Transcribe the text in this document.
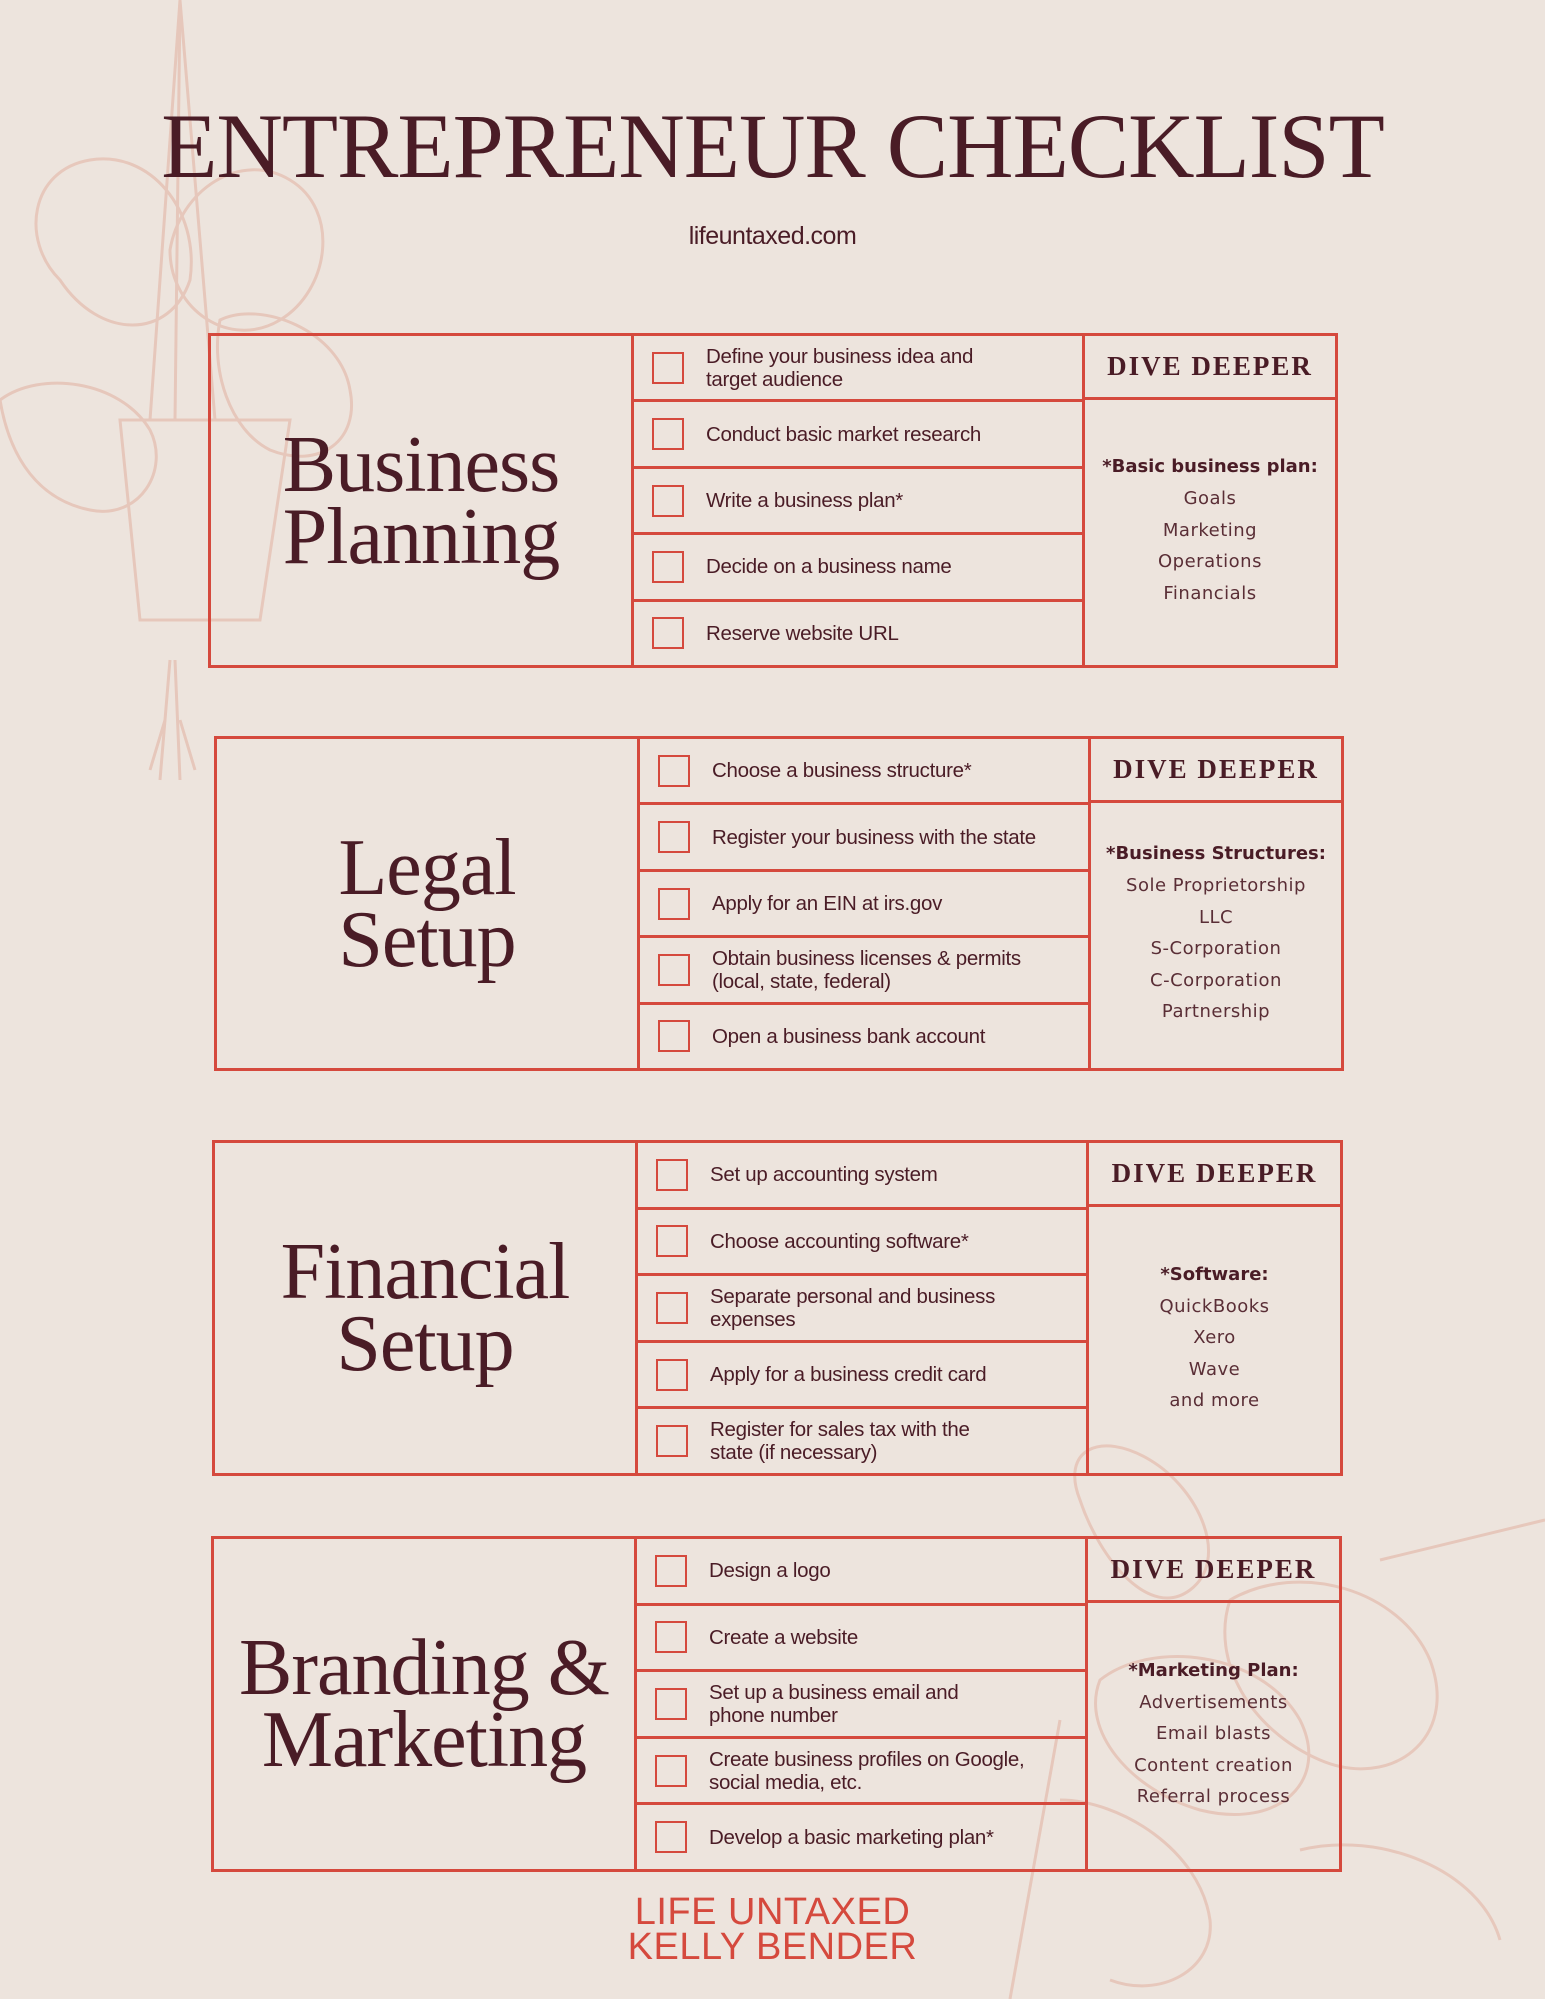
ENTREPRENEUR CHECKLIST
lifeuntaxed.com
Business
Planning
Define your business idea and
target audience
Conduct basic market research
Write a business plan*
Decide on a business name
Reserve website URL
DIVE DEEPER
*Basic business plan:
Goals
Marketing
Operations
Financials
Legal
Setup
Choose a business structure*
Register your business with the state
Apply for an EIN at irs.gov
Obtain business licenses & permits
(local, state, federal)
Open a business bank account
DIVE DEEPER
*Business Structures:
Sole Proprietorship
LLC
S-Corporation
C-Corporation
Partnership
Financial
Setup
Set up accounting system
Choose accounting software*
Separate personal and business
expenses
Apply for a business credit card
Register for sales tax with the
state (if necessary)
DIVE DEEPER
*Software:
QuickBooks
Xero
Wave
and more
Branding &
Marketing
Design a logo
Create a website
Set up a business email and
phone number
Create business profiles on Google,
social media, etc.
Develop a basic marketing plan*
DIVE DEEPER
*Marketing Plan:
Advertisements
Email blasts
Content creation
Referral process
LIFE UNTAXED
KELLY BENDER
